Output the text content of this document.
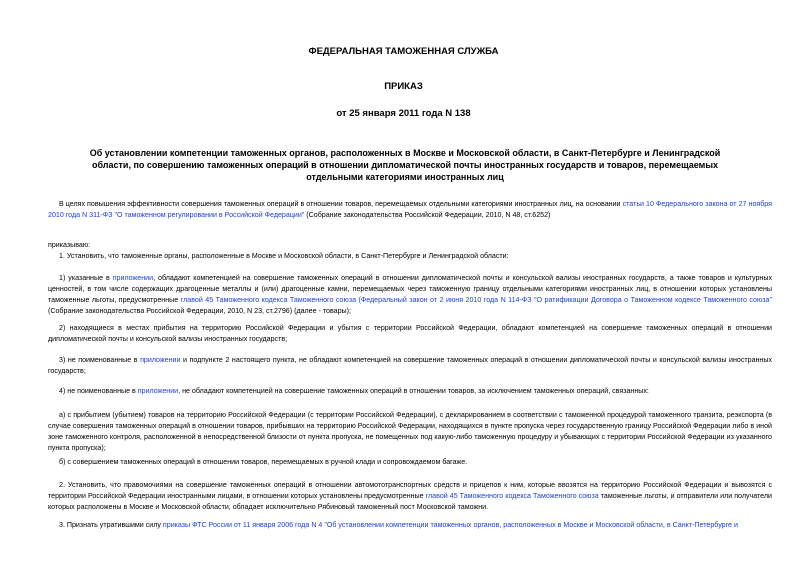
ФЕДЕРАЛЬНАЯ ТАМОЖЕННАЯ СЛУЖБА
ПРИКАЗ
от 25 января 2011 года N 138
Об установлении компетенции таможенных органов, расположенных в Москве и Московской области, в Санкт-Петербурге и Ленинградской области, по совершению таможенных операций в отношении дипломатической почты иностранных государств и товаров, перемещаемых отдельными категориями иностранных лиц
В целях повышения эффективности совершения таможенных операций в отношении товаров, перемещаемых отдельными категориями иностранных лиц, на основании статьи 10 Федерального закона от 27 ноября 2010 года N 311-ФЗ "О таможенном регулировании в Российской Федерации" (Собрание законодательства Российской Федерации, 2010, N 48, ст.6252)
приказываю:
1. Установить, что таможенные органы, расположенные в Москве и Московской области, в Санкт-Петербурге и Ленинградской области:
1) указанные в приложении, обладают компетенцией на совершение таможенных операций в отношении дипломатической почты и консульской вализы иностранных государств, а также товаров и культурных ценностей, в том числе содержащих драгоценные металлы и (или) драгоценные камни, перемещаемых через таможенную границу отдельными категориями иностранных лиц, в отношении которых установлены таможенные льготы, предусмотренные главой 45 Таможенного кодекса Таможенного союза (Федеральный закон от 2 июня 2010 года N 114-ФЗ "О ратификации Договора о Таможенном кодексе Таможенного союза" (Собрание законодательства Российской Федерации, 2010, N 23, ст.2796) (далее - товары);
2) находящиеся в местах прибытия на территорию Российской Федерации и убытия с территории Российской Федерации, обладают компетенцией на совершение таможенных операций в отношении дипломатической почты и консульской вализы иностранных государств;
3) не поименованные в приложении и подпункте 2 настоящего пункта, не обладают компетенцией на совершение таможенных операций в отношении дипломатической почты и консульской вализы иностранных государств;
4) не поименованные в приложении, не обладают компетенцией на совершение таможенных операций в отношении товаров, за исключением таможенных операций, связанных:
а) с прибытием (убытием) товаров на территорию Российской Федерации (с территории Российской Федерации), с декларированием в соответствии с таможенной процедурой таможенного транзита, реэкспорта (в случае совершения таможенных операций в отношении товаров, прибывших на территорию Российской Федерации, находящихся в пункте пропуска через государственную границу Российской Федерации либо в иной зоне таможенного контроля, расположенной в непосредственной близости от пункта пропуска, не помещенных под какую-либо таможенную процедуру и убывающих с территории Российской Федерации из указанного пункта пропуска);
б) с совершением таможенных операций в отношении товаров, перемещаемых в ручной клади и сопровождаемом багаже.
2. Установить, что правомочиями на совершение таможенных операций в отношении автомототранспортных средств и прицепов к ним, которые ввозятся на территорию Российской Федерации и вывозятся с территории Российской Федерации иностранными лицами, в отношении которых установлены предусмотренные главой 45 Таможенного кодекса Таможенного союза таможенные льготы, и отправители или получатели которых расположены в Москве и Московской области, обладает исключительно Рябиновый таможенный пост Московской таможни.
3. Признать утратившими силу приказы ФТС России от 11 января 2006 года N 4 "Об установлении компетенции таможенных органов, расположенных в Москве и Московской области, в Санкт-Петербурге и
